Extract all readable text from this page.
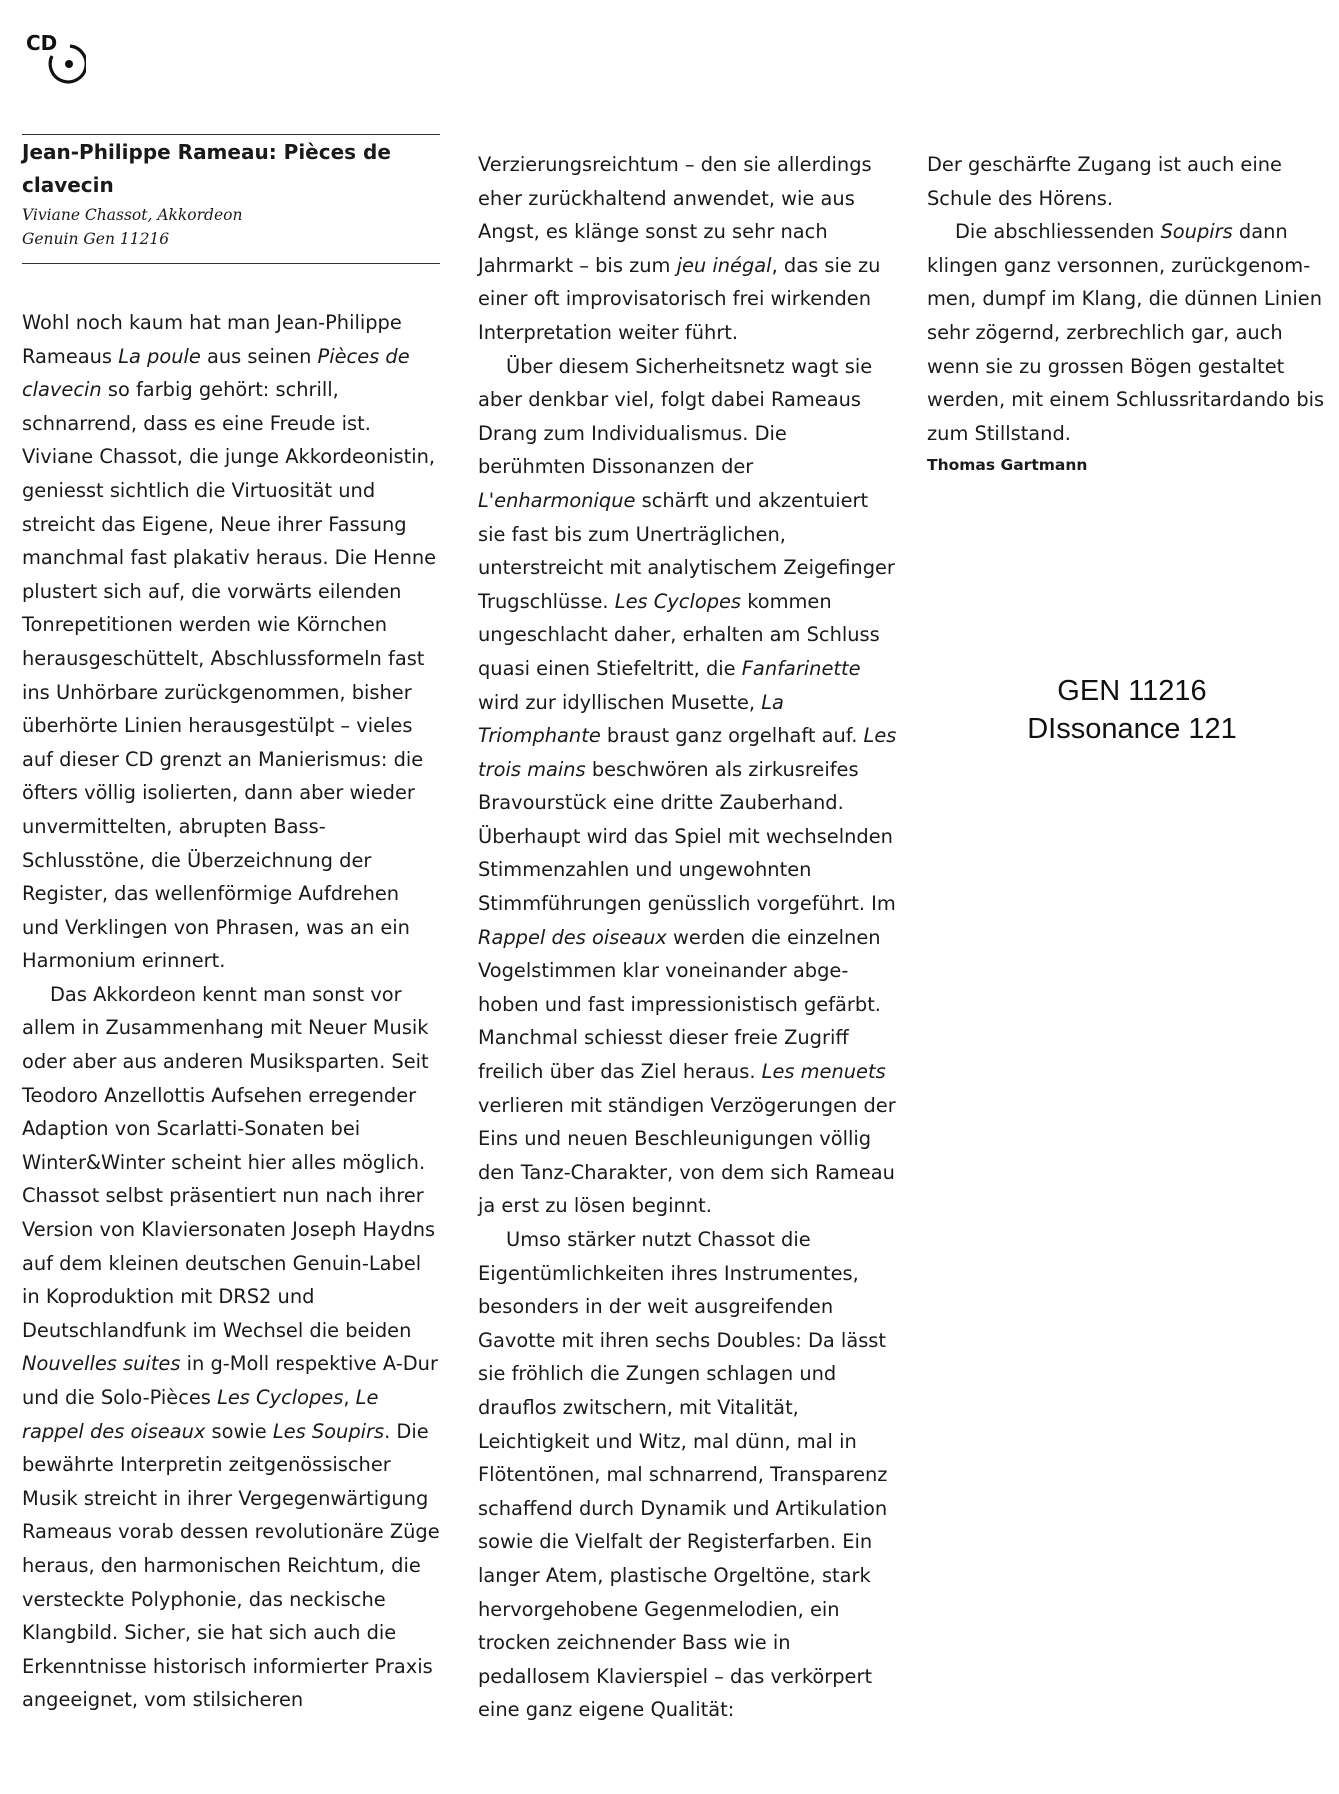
CD
Jean-Philippe Rameau: Pièces de clavecin
Viviane Chassot, Akkordeon
Genuin Gen 11216

Wohl noch kaum hat man Jean-Philippe Rameaus La poule aus seinen Pièces de clavecin so farbig gehört: schrill, schnarrend, dass es eine Freude ist. Viviane Chassot, die junge Akkordeonistin, geniesst sichtlich die Virtuosität und streicht das Eigene, Neue ihrer Fassung manchmal fast plakativ heraus. Die Henne plustert sich auf, die vorwärts eilenden Tonrepetitionen werden wie Körnchen herausgeschüttelt, Abschlussformeln fast ins Unhörbare zurückgenommen, bisher überhörte Linien herausgestülpt – vieles auf dieser CD grenzt an Manierismus: die öfters völlig isolierten, dann aber wieder unvermittelten, abrupten Bass-Schlusstöne, die Überzeichnung der Register, das wellenförmige Aufdrehen und Verklingen von Phrasen, was an ein Harmonium erinnert.

Das Akkordeon kennt man sonst vor allem in Zusammenhang mit Neuer Musik oder aber aus anderen Musiksparten. Seit Teodoro Anzellottis Aufsehen erregender Adaption von Scarlatti-Sonaten bei Winter&Winter scheint hier alles möglich. Chassot selbst präsentiert nun nach ihrer Version von Klaviersonaten Joseph Haydns auf dem kleinen deutschen Genuin-Label in Koproduktion mit DRS2 und Deutschlandfunk im Wechsel die beiden Nouvelles suites in g-Moll respektive A-Dur und die Solo-Pièces Les Cyclopes, Le rappel des oiseaux sowie Les Soupirs. Die bewährte Interpretin zeitgenössischer Musik streicht in ihrer Vergegenwärtigung Rameaus vorab dessen revolutionäre Züge heraus, den harmonischen Reichtum, die versteckte Polyphonie, das neckische Klangbild. Sicher, sie hat sich auch die Erkenntnisse historisch informierter Praxis angeeignet, vom stilsicheren

Verzierungsreichtum – den sie allerdings eher zurückhaltend anwendet, wie aus Angst, es klänge sonst zu sehr nach Jahrmarkt – bis zum jeu inégal, das sie zu einer oft improvisatorisch frei wirkenden Interpretation weiter führt.

Über diesem Sicherheitsnetz wagt sie aber denkbar viel, folgt dabei Rameaus Drang zum Individualismus. Die berühmten Dissonanzen der L'enharmonique schärft und akzentuiert sie fast bis zum Unerträglichen, unterstreicht mit analytischem Zeigefinger Trugschlüsse. Les Cyclopes kommen ungeschlacht daher, erhalten am Schluss quasi einen Stiefeltritt, die Fanfarinette wird zur idyllischen Musette, La Triomphante braust ganz orgelhaft auf. Les trois mains beschwören als zirkusreifes Bravourstück eine dritte Zauberhand. Überhaupt wird das Spiel mit wechselnden Stimmenzahlen und ungewohnten Stimmführungen genüsslich vorgeführt. Im Rappel des oiseaux werden die einzelnen Vogelstimmen klar voneinander abgehoben und fast impressionistisch gefärbt. Manchmal schiesst dieser freie Zugriff freilich über das Ziel heraus. Les menuets verlieren mit ständigen Verzögerungen der Eins und neuen Beschleunigungen völlig den Tanz-Charakter, von dem sich Rameau ja erst zu lösen beginnt.

Umso stärker nutzt Chassot die Eigentümlichkeiten ihres Instrumentes, besonders in der weit ausgreifenden Gavotte mit ihren sechs Doubles: Da lässt sie fröhlich die Zungen schlagen und drauflos zwitschern, mit Vitalität, Leichtigkeit und Witz, mal dünn, mal in Flötentönen, mal schnarrend, Transparenz schaffend durch Dynamik und Artikulation sowie die Vielfalt der Registerfarben. Ein langer Atem, plastische Orgeltöne, stark hervorgehobene Gegenmelodien, ein trocken zeichnender Bass wie in pedallosem Klavierspiel – das verkörpert eine ganz eigene Qualität:

Der geschärfte Zugang ist auch eine Schule des Hörens.

Die abschliessenden Soupirs dann klingen ganz versonnen, zurückgenommen, dumpf im Klang, die dünnen Linien sehr zögernd, zerbrechlich gar, auch wenn sie zu grossen Bögen gestaltet werden, mit einem Schlussritardando bis zum Stillstand.

Thomas Gartmann
GEN 11216
DIssonance 121
